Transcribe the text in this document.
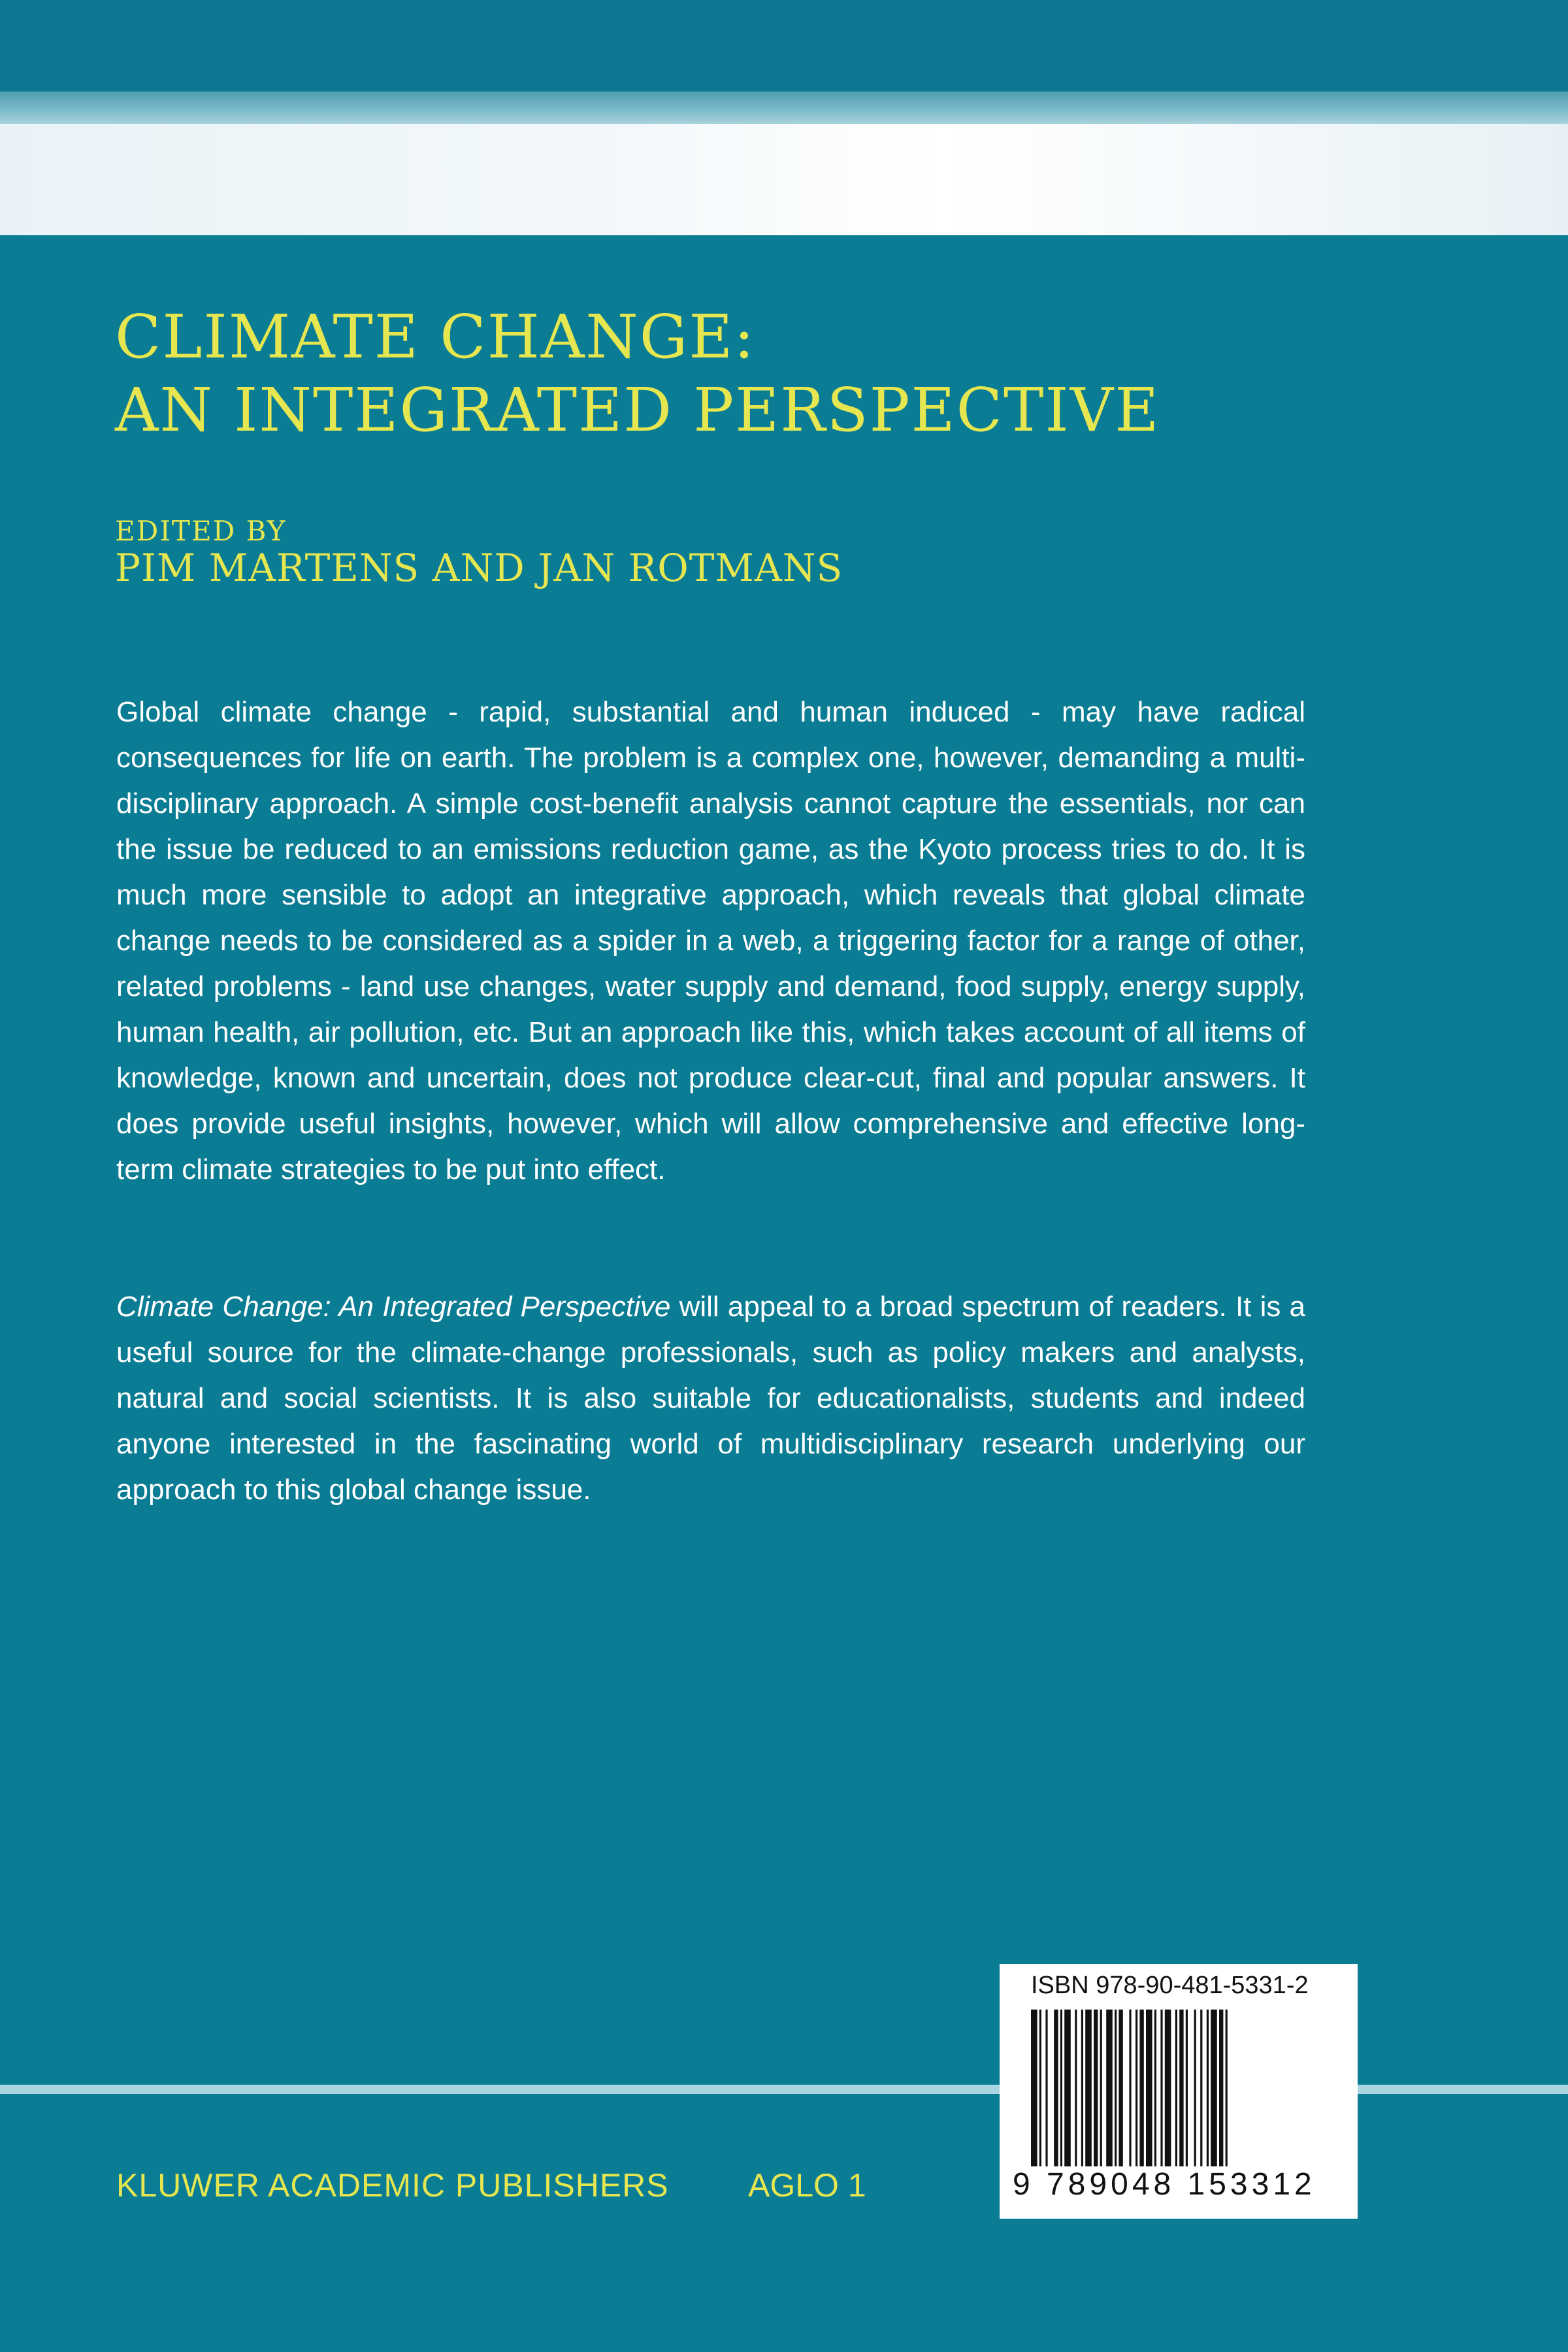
CLIMATE CHANGE:
AN INTEGRATED PERSPECTIVE
EDITED BY
PIM MARTENS AND JAN ROTMANS

Global climate change - rapid, substantial and human induced - may have radical consequences for life on earth. The problem is a complex one, however, demanding a multi-disciplinary approach. A simple cost-benefit analysis cannot capture the essentials, nor can the issue be reduced to an emissions reduction game, as the Kyoto process tries to do. It is much more sensible to adopt an integrative approach, which reveals that global climate change needs to be considered as a spider in a web, a triggering factor for a range of other, related problems - land use changes, water supply and demand, food supply, energy supply, human health, air pollution, etc. But an approach like this, which takes account of all items of knowledge, known and uncertain, does not produce clear-cut, final and popular answers. It does provide useful insights, however, which will allow comprehensive and effective long-term climate strategies to be put into effect.

Climate Change: An Integrated Perspective will appeal to a broad spectrum of readers. It is a useful source for the climate-change professionals, such as policy makers and analysts, natural and social scientists. It is also suitable for educationalists, students and indeed anyone interested in the fascinating world of multidisciplinary research underlying our approach to this global change issue.

KLUWER ACADEMIC PUBLISHERS AGLO 1
ISBN 978-90-481-5331-2
9 789048 153312
